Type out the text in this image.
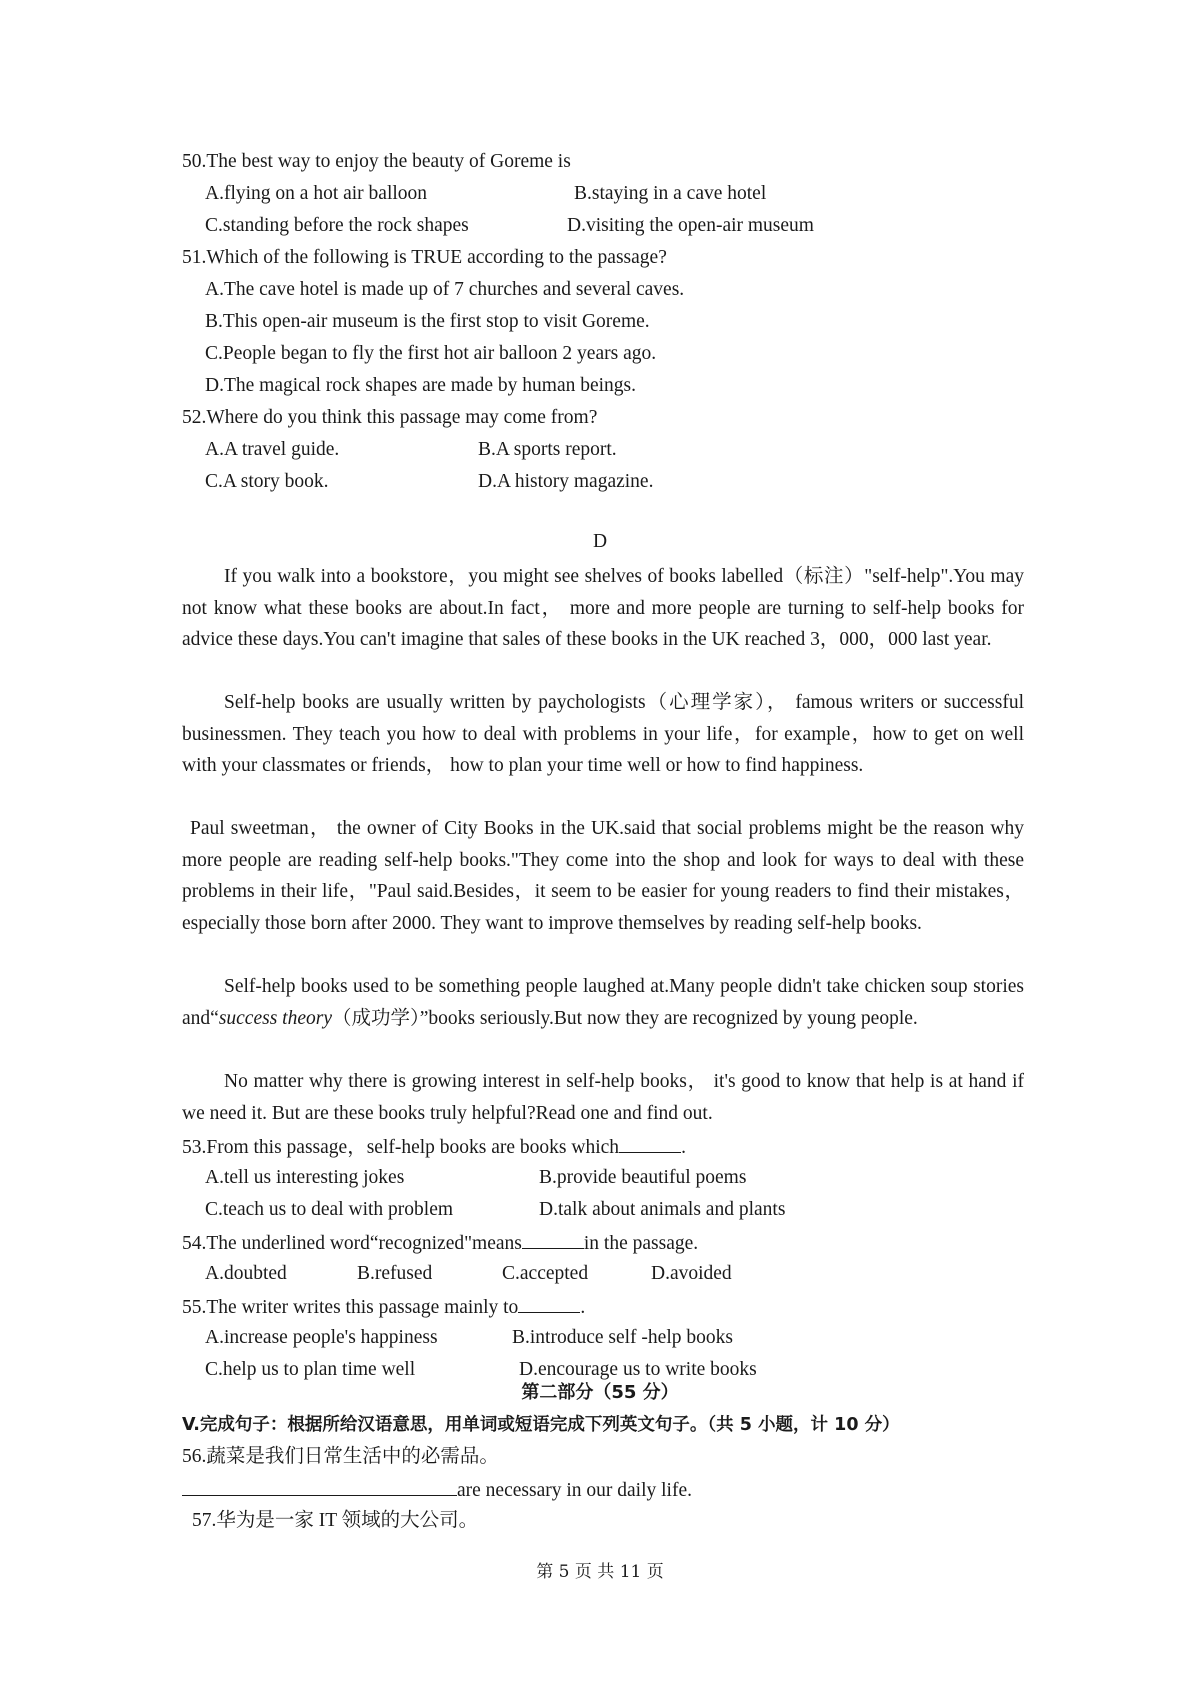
50.The best way to enjoy the beauty of Goreme is
A.flying on a hot air balloon	B.staying in a cave hotel
C.standing before the rock shapes	D.visiting the open-air museum
51.Which of the following is TRUE according to the passage?
A.The cave hotel is made up of 7 churches and several caves.
B.This open-air museum is the first stop to visit Goreme.
C.People began to fly the first hot air balloon 2 years ago.
D.The magical rock shapes are made by human beings.
52.Where do you think this passage may come from?
A.A travel guide.	B.A sports report.
C.A story book.	D.A history magazine.
D
If you walk into a bookstore，you might see shelves of books labelled（标注）"self-help".You may not know what these books are about.In fact， more and more people are turning to self-help books for advice these days.You can't imagine that sales of these books in the UK reached 3，000，000 last year.
Self-help books are usually written by paychologists（心理学家）， famous writers or successful businessmen. They teach you how to deal with problems in your life，for example，how to get on well with your classmates or friends， how to plan your time well or how to find happiness.
Paul sweetman， the owner of City Books in the UK.said that social problems might be the reason why more people are reading self-help books."They come into the shop and look for ways to deal with these problems in their life，"Paul said.Besides，it seem to be easier for young readers to find their mistakes， especially those born after 2000. They want to improve themselves by reading self-help books.
Self-help books used to be something people laughed at.Many people didn't take chicken soup stories and“success theory（成功学）”books seriously.But now they are recognized by young people.
No matter why there is growing interest in self-help books， it's good to know that help is at hand if we need it. But are these books truly helpful?Read one and find out.
53.From this passage，self-help books are books which	.
A.tell us interesting jokes	B.provide beautiful poems
C.teach us to deal with problem	D.talk about animals and plants
54.The underlined word“recognized"means	in the passage.
A.doubted	B.refused	C.accepted	D.avoided
55.The writer writes this passage mainly to	.
A.increase people's happiness	B.introduce self -help books
C.help us to plan time well	D.encourage us to write books
第二部分（55 分）
V.完成句子：根据所给汉语意思，用单词或短语完成下列英文句子。（共 5 小题，计 10 分）
56.蔬菜是我们日常生活中的必需品。
are necessary in our daily life.
57.华为是一家 IT 领域的大公司。
第 5 页 共 11 页
